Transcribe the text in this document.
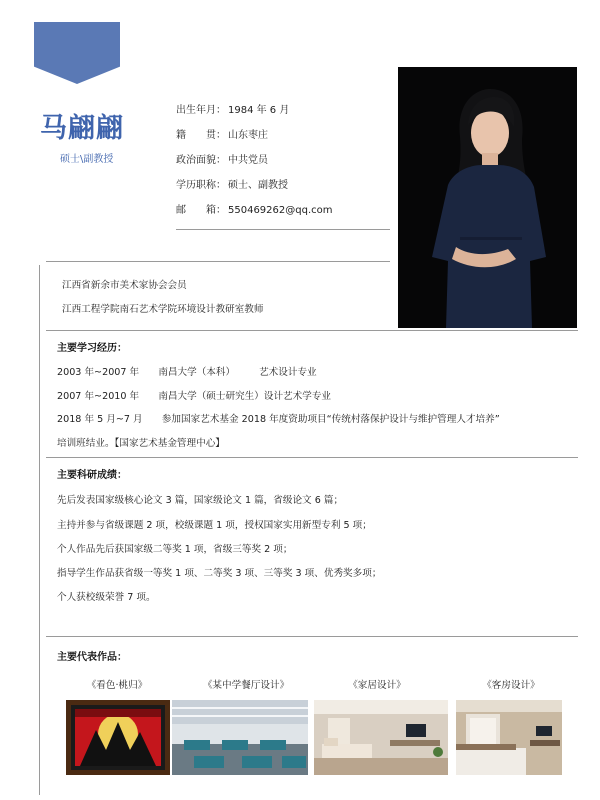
马翩翩
硕士\副教授
出生年月： 1984 年 6 月
籍　　贯： 山东枣庄
政治面貌： 中共党员
学历职称： 硕士、副教授
邮　　箱： 550469262@qq.com
江西省新余市美术家协会会员
江西工程学院南石艺术学院环境设计教研室教师
主要学习经历：
2003 年~2007 年　　南昌大学（本科）　　　艺术设计专业
2007 年~2010 年　　南昌大学（硕士研究生）设计艺术学专业
2018 年 5 月~7 月　　参加国家艺术基金 2018 年度资助项目“传统村落保护设计与维护管理人才培养”
培训班结业。【国家艺术基金管理中心】
主要科研成绩：
先后发表国家级核心论文 3 篇，国家级论文 1 篇，省级论文 6 篇；
主持并参与省级课题 2 项，校级课题 1 项，授权国家实用新型专利 5 项；
个人作品先后获国家级二等奖 1 项，省级三等奖 2 项；
指导学生作品获省级一等奖 1 项、二等奖 3 项、三等奖 3 项、优秀奖多项；
个人获校级荣誉 7 项。
主要代表作品：
《看色·桃归》	《某中学餐厅设计》	《家居设计》	《客房设计》
